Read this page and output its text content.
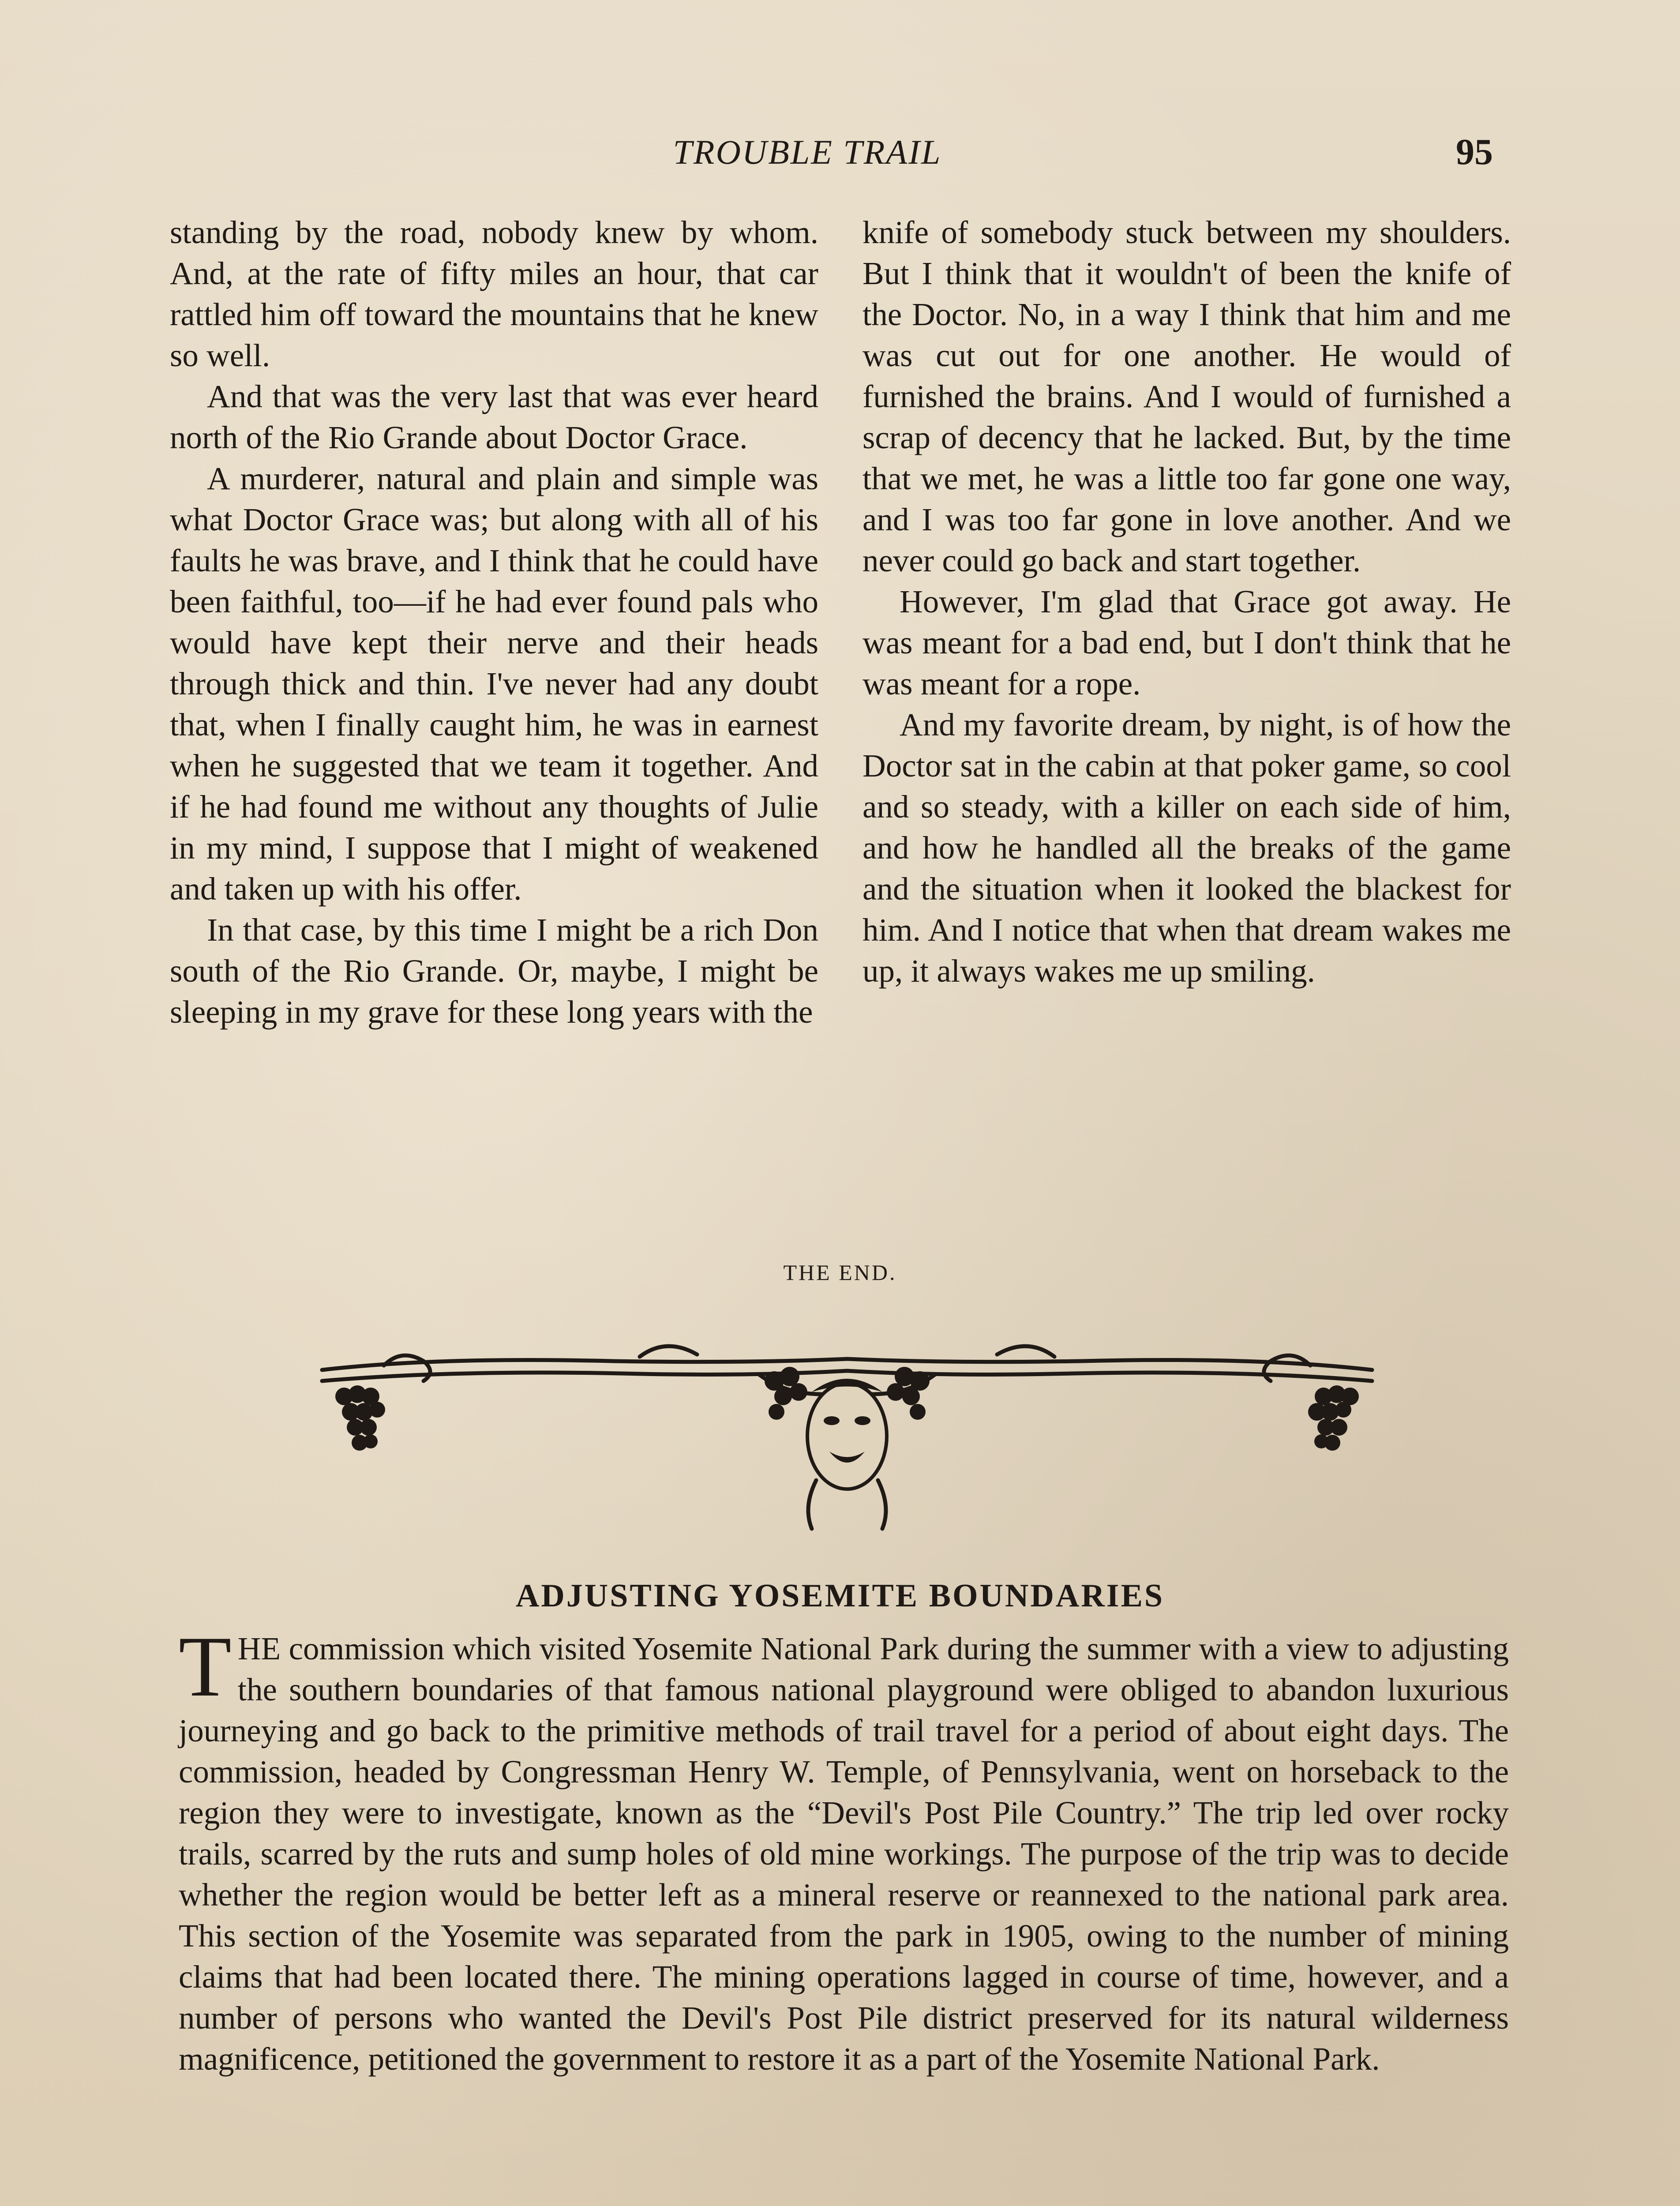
TROUBLE TRAIL	95

standing by the road, nobody knew by whom. And, at the rate of fifty miles an hour, that car rattled him off toward the mountains that he knew so well.

And that was the very last that was ever heard north of the Rio Grande about Doctor Grace.

A murderer, natural and plain and simple was what Doctor Grace was; but along with all of his faults he was brave, and I think that he could have been faithful, too—if he had ever found pals who would have kept their nerve and their heads through thick and thin. I've never had any doubt that, when I finally caught him, he was in earnest when he suggested that we team it together. And if he had found me without any thoughts of Julie in my mind, I suppose that I might of weakened and taken up with his offer.

In that case, by this time I might be a rich Don south of the Rio Grande. Or, maybe, I might be sleeping in my grave for these long years with the

knife of somebody stuck between my shoulders. But I think that it wouldn't of been the knife of the Doctor. No, in a way I think that him and me was cut out for one another. He would of furnished the brains. And I would of furnished a scrap of decency that he lacked. But, by the time that we met, he was a little too far gone one way, and I was too far gone in love another. And we never could go back and start together.

However, I'm glad that Grace got away. He was meant for a bad end, but I don't think that he was meant for a rope.

And my favorite dream, by night, is of how the Doctor sat in the cabin at that poker game, so cool and so steady, with a killer on each side of him, and how he handled all the breaks of the game and the situation when it looked the blackest for him. And I notice that when that dream wakes me up, it always wakes me up smiling.

THE END.
ADJUSTING YOSEMITE BOUNDARIES
T HE commission which visited Yosemite National Park during the summer with a view to adjusting the southern boundaries of that famous national playground were obliged to abandon luxurious journeying and go back to the primitive methods of trail travel for a period of about eight days. The commission, headed by Congressman Henry W. Temple, of Pennsylvania, went on horseback to the region they were to investigate, known as the “Devil's Post Pile Country.” The trip led over rocky trails, scarred by the ruts and sump holes of old mine workings. The purpose of the trip was to decide whether the region would be better left as a mineral reserve or reannexed to the national park area. This section of the Yosemite was separated from the park in 1905, owing to the number of mining claims that had been located there. The mining operations lagged in course of time, however, and a number of persons who wanted the Devil's Post Pile district preserved for its natural wilderness magnificence, petitioned the government to restore it as a part of the Yosemite National Park.
